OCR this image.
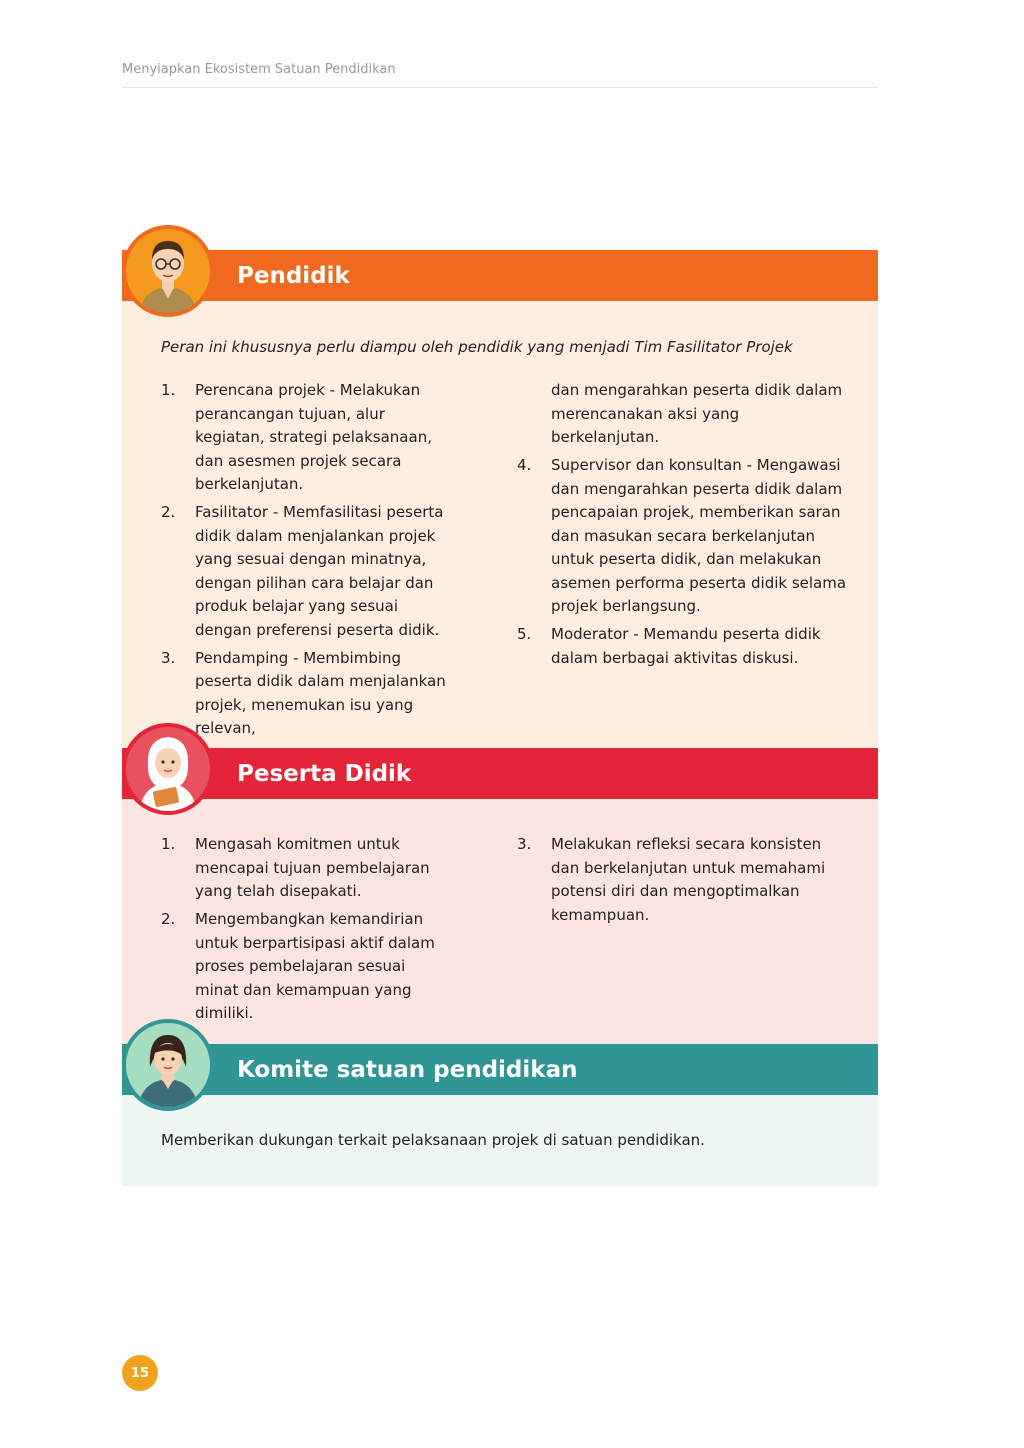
Menyiapkan Ekosistem Satuan Pendidikan
Pendidik
Peran ini khususnya perlu diampu oleh pendidik yang menjadi Tim Fasilitator Projek
1. Perencana projek - Melakukan perancangan tujuan, alur kegiatan, strategi pelaksanaan, dan asesmen projek secara berkelanjutan.
2. Fasilitator - Memfasilitasi peserta didik dalam menjalankan projek yang sesuai dengan minatnya, dengan pilihan cara belajar dan produk belajar yang sesuai dengan preferensi peserta didik.
3. Pendamping - Membimbing peserta didik dalam menjalankan projek, menemukan isu yang relevan,
dan mengarahkan peserta didik dalam merencanakan aksi yang berkelanjutan.
4. Supervisor dan konsultan - Mengawasi dan mengarahkan peserta didik dalam pencapaian projek, memberikan saran dan masukan secara berkelanjutan untuk peserta didik, dan melakukan asemen performa peserta didik selama projek berlangsung.
5. Moderator - Memandu peserta didik dalam berbagai aktivitas diskusi.
Peserta Didik
1. Mengasah komitmen untuk mencapai tujuan pembelajaran yang telah disepakati.
2. Mengembangkan kemandirian untuk berpartisipasi aktif dalam proses pembelajaran sesuai minat dan kemampuan yang dimiliki.
3. Melakukan refleksi secara konsisten dan berkelanjutan untuk memahami potensi diri dan mengoptimalkan kemampuan.
Komite satuan pendidikan
Memberikan dukungan terkait pelaksanaan projek di satuan pendidikan.
15
